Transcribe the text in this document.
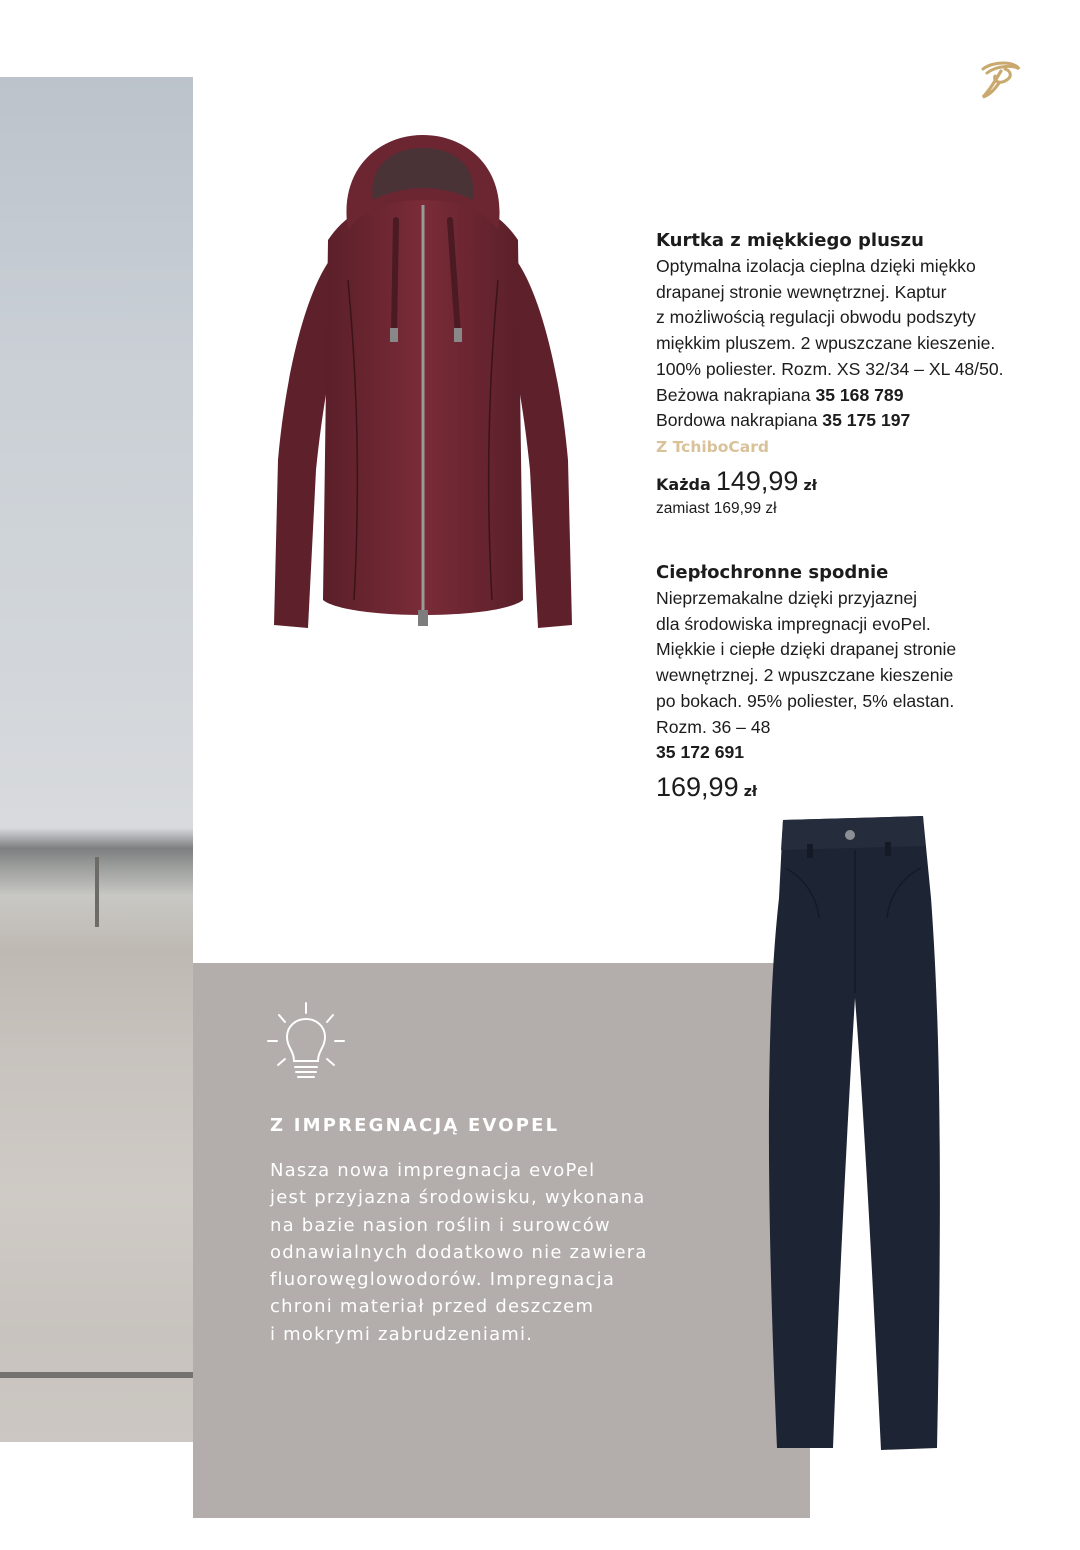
Kurtka z miękkiego pluszu
Optymalna izolacja cieplna dzięki miękko
drapanej stronie wewnętrznej. Kaptur
z możliwością regulacji obwodu podszyty
miękkim pluszem. 2 wpuszczane kieszenie.
100% poliester. Rozm. XS 32/34 – XL 48/50.
Beżowa nakrapiana 35 168 789
Bordowa nakrapiana 35 175 197
Z TchiboCard
Każda 149,99 zł
zamiast 169,99 zł
Ciepłochronne spodnie
Nieprzemakalne dzięki przyjaznej
dla środowiska impregnacji evoPel.
Miękkie i ciepłe dzięki drapanej stronie
wewnętrznej. 2 wpuszczane kieszenie
po bokach. 95% poliester, 5% elastan.
Rozm. 36 – 48
35 172 691
169,99 zł
Z IMPREGNACJĄ EVOPEL
Nasza nowa impregnacja evoPel
jest przyjazna środowisku, wykonana
na bazie nasion roślin i surowców
odnawialnych dodatkowo nie zawiera
fluorowęglowodorów. Impregnacja
chroni materiał przed deszczem
i mokrymi zabrudzeniami.
